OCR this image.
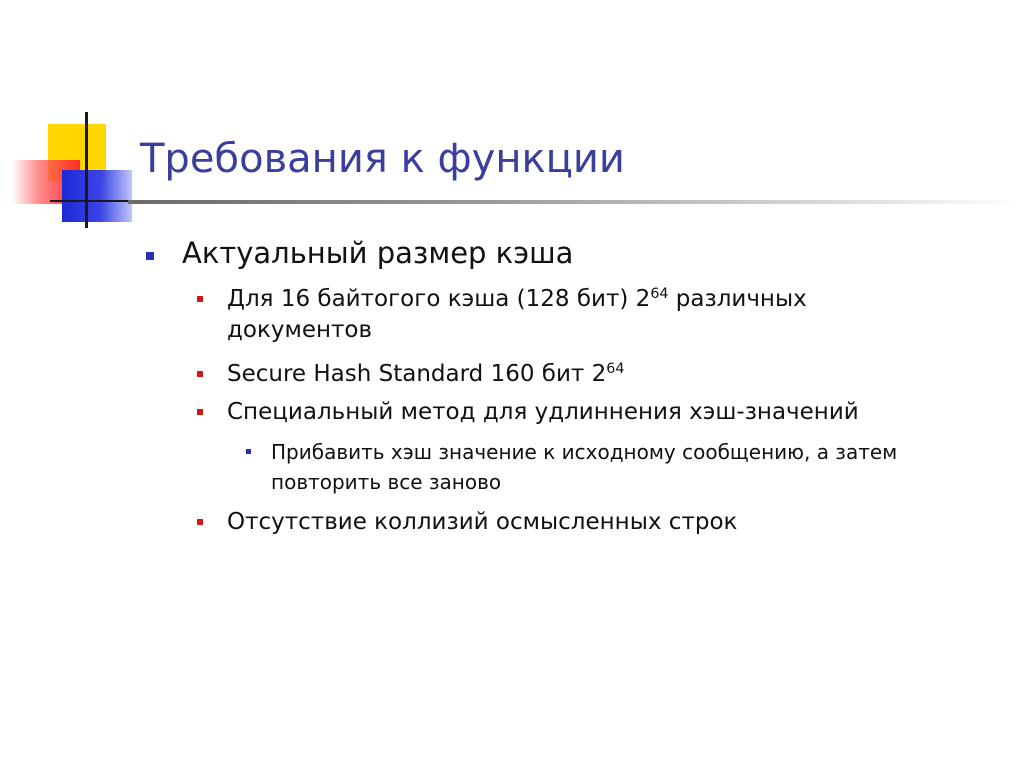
Требования к функции
Актуальный размер кэша
Для 16 байтогого кэша (128 бит) $2^{64}$ различных
документов
Secure Hash Standard 160 бит $2^{64}$
Специальный метод для удлиннения хэш-значений
Прибавить хэш значение к исходному сообщению, а затем
повторить все заново
Отсутствие коллизий осмысленных строк
